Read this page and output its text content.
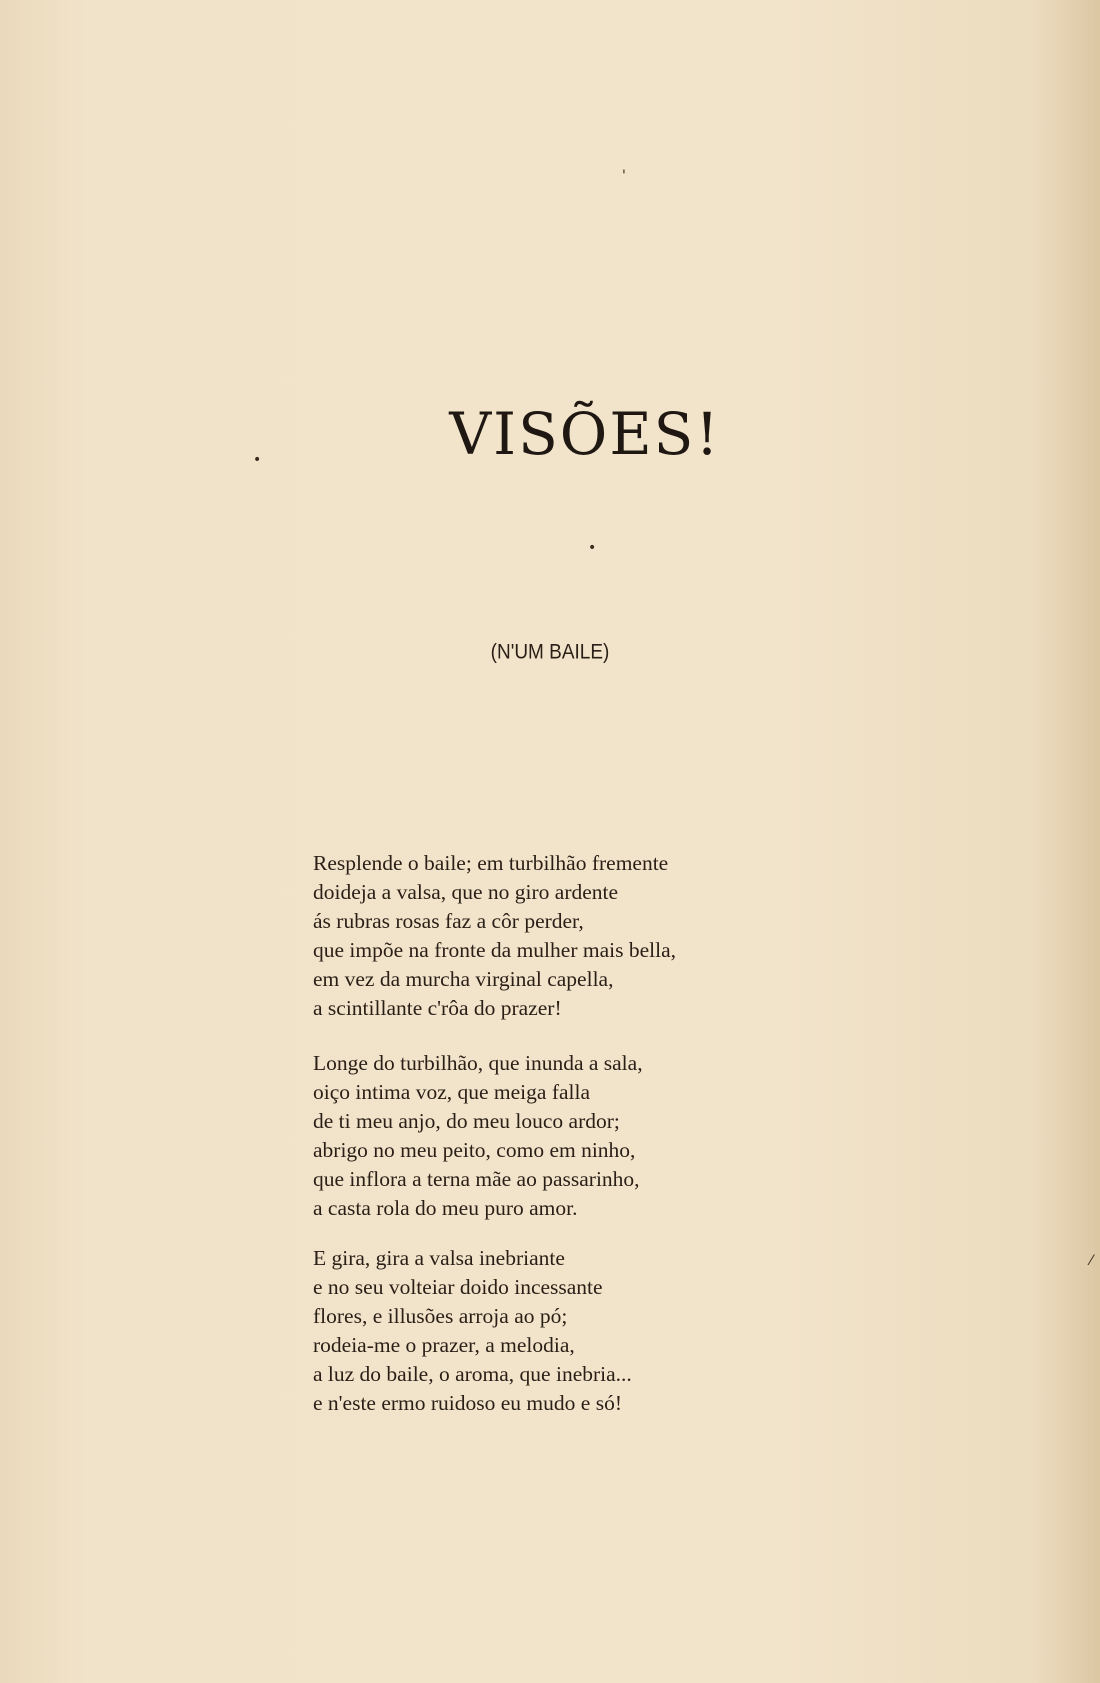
'
•
•
⁄
VISÕES!
(N'UM BAILE)
Resplende o baile; em turbilhão fremente
doideja a valsa, que no giro ardente
ás rubras rosas faz a côr perder,
que impõe na fronte da mulher mais bella,
em vez da murcha virginal capella,
a scintillante c'rôa do prazer!
Longe do turbilhão, que inunda a sala,
oiço intima voz, que meiga falla
de ti meu anjo, do meu louco ardor;
abrigo no meu peito, como em ninho,
que inflora a terna mãe ao passarinho,
a casta rola do meu puro amor.
E gira, gira a valsa inebriante
e no seu volteiar doido incessante
flores, e illusões arroja ao pó;
rodeia-me o prazer, a melodia,
a luz do baile, o aroma, que inebria...
e n'este ermo ruidoso eu mudo e só!
